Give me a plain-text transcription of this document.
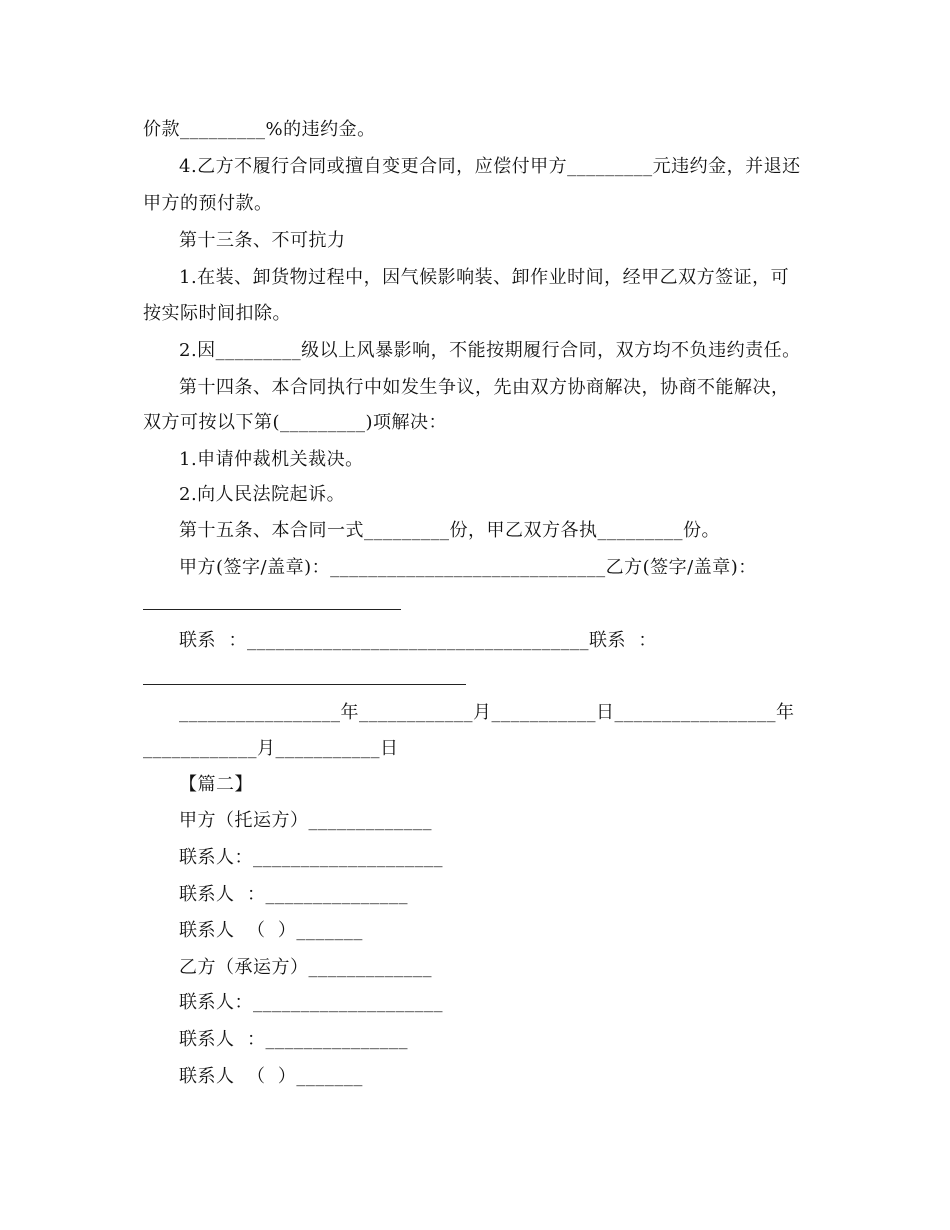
价款_________%的违约金。
4.乙方不履行合同或擅自变更合同，应偿付甲方_________元违约金，并退还
甲方的预付款。
第十三条、不可抗力
1.在装、卸货物过程中，因气候影响装、卸作业时间，经甲乙双方签证，可
按实际时间扣除。
2.因_________级以上风暴影响，不能按期履行合同，双方均不负违约责任。
第十四条、本合同执行中如发生争议，先由双方协商解决，协商不能解决，
双方可按以下第(_________)项解决：
1.申请仲裁机关裁决。
2.向人民法院起诉。
第十五条、本合同一式_________份，甲乙双方各执_________份。
甲方(签字/盖章)：_____________________________乙方(签字/盖章)：
联系  ：____________________________________联系  ：
_________________年____________月___________日_________________年
____________月___________日
【篇二】
甲方（托运方）_____________
联系人：____________________
联系人  ：_______________
联系人  （  ）_______
乙方（承运方）_____________
联系人：____________________
联系人  ：_______________
联系人  （  ）_______
